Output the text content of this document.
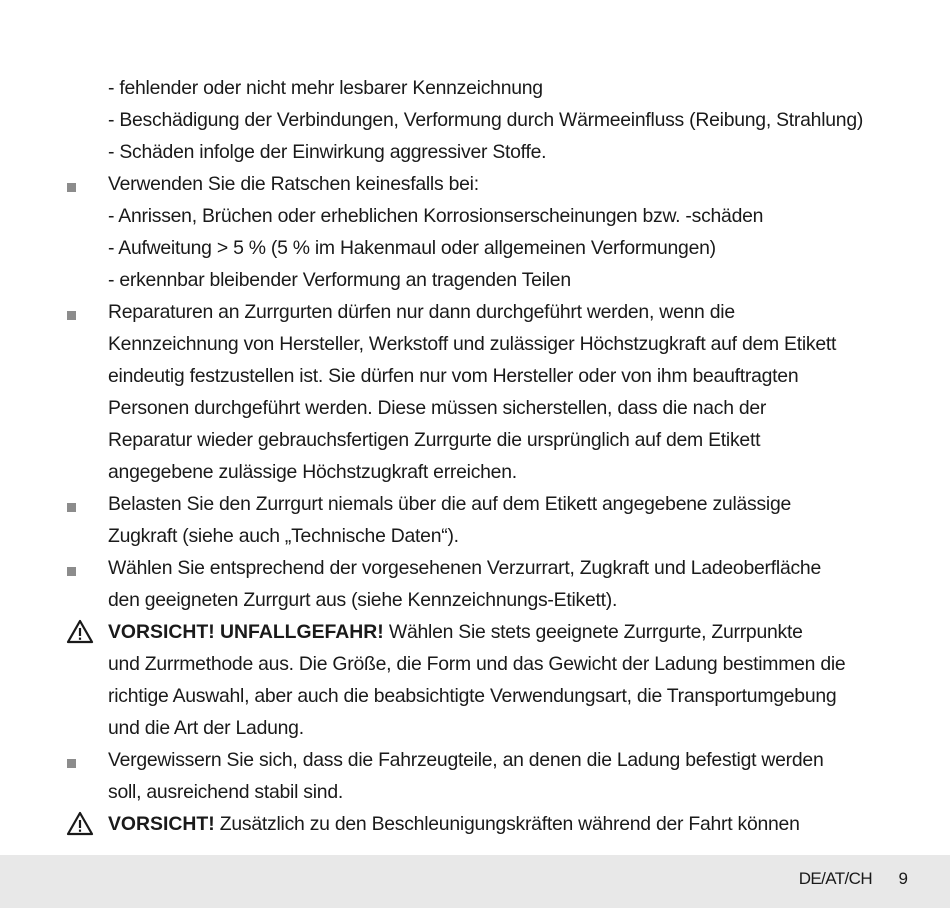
- fehlender oder nicht mehr lesbarer Kennzeichnung
- Beschädigung der Verbindungen, Verformung durch Wärmeeinfluss (Reibung, Strahlung)
- Schäden infolge der Einwirkung aggressiver Stoffe.
Verwenden Sie die Ratschen keinesfalls bei:
- Anrissen, Brüchen oder erheblichen Korrosionserscheinungen bzw. -schäden
- Aufweitung > 5 % (5 % im Hakenmaul oder allgemeinen Verformungen)
- erkennbar bleibender Verformung an tragenden Teilen
Reparaturen an Zurrgurten dürfen nur dann durchgeführt werden, wenn die
Kennzeichnung von Hersteller, Werkstoff und zulässiger Höchstzugkraft auf dem Etikett
eindeutig festzustellen ist. Sie dürfen nur vom Hersteller oder von ihm beauftragten
Personen durchgeführt werden. Diese müssen sicherstellen, dass die nach der
Reparatur wieder gebrauchsfertigen Zurrgurte die ursprünglich auf dem Etikett
angegebene zulässige Höchstzugkraft erreichen.
Belasten Sie den Zurrgurt niemals über die auf dem Etikett angegebene zulässige
Zugkraft (siehe auch „Technische Daten“).
Wählen Sie entsprechend der vorgesehenen Verzurrart, Zugkraft und Ladeoberfläche
den geeigneten Zurrgurt aus (siehe Kennzeichnungs-Etikett).
VORSICHT! UNFALLGEFAHR! Wählen Sie stets geeignete Zurrgurte, Zurrpunkte
und Zurrmethode aus. Die Größe, die Form und das Gewicht der Ladung bestimmen die
richtige Auswahl, aber auch die beabsichtigte Verwendungsart, die Transportumgebung
und die Art der Ladung.
Vergewissern Sie sich, dass die Fahrzeugteile, an denen die Ladung befestigt werden
soll, ausreichend stabil sind.
VORSICHT! Zusätzlich zu den Beschleunigungskräften während der Fahrt können
DE/AT/CH 9
